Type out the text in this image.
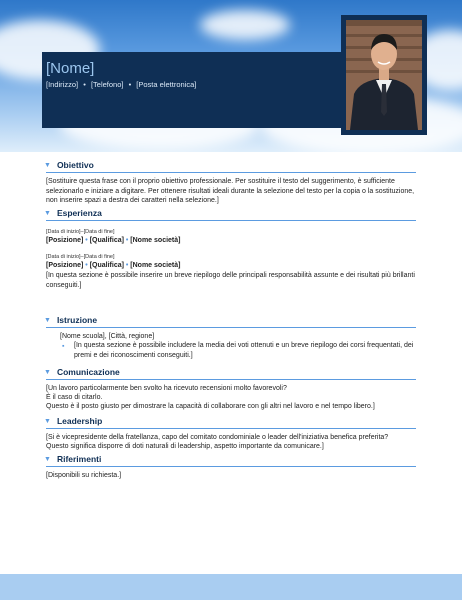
[Nome]
[Indirizzo] • [Telefono] • [Posta elettronica]
▼ Obiettivo
[Sostituire questa frase con il proprio obiettivo professionale. Per sostituire il testo del suggerimento, è sufficiente selezionarlo e iniziare a digitare. Per ottenere risultati ideali durante la selezione del testo per la copia o la sostituzione, non inserire spazi a destra dei caratteri nella selezione.]
▼ Esperienza
[Data di inizio]–[Data di fine]
[Posizione] • [Qualifica] • [Nome società]
[Data di inizio]–[Data di fine]
[Posizione] • [Qualifica] • [Nome società]
[In questa sezione è possibile inserire un breve riepilogo delle principali responsabilità assunte e dei risultati più brillanti conseguiti.]
▼ Istruzione
[Nome scuola], [Città, regione]
▪ [In questa sezione è possibile includere la media dei voti ottenuti e un breve riepilogo dei corsi frequentati, dei premi e dei riconoscimenti conseguiti.]
▼ Comunicazione
[Un lavoro particolarmente ben svolto ha ricevuto recensioni molto favorevoli?
È il caso di citarlo.
Questo è il posto giusto per dimostrare la capacità di collaborare con gli altri nel lavoro e nel tempo libero.]
▼ Leadership
[Si è vicepresidente della fratellanza, capo del comitato condominiale o leader dell'iniziativa benefica preferita?
Questo significa disporre di doti naturali di leadership, aspetto importante da comunicare.]
▼ Riferimenti
[Disponibili su richiesta.]
